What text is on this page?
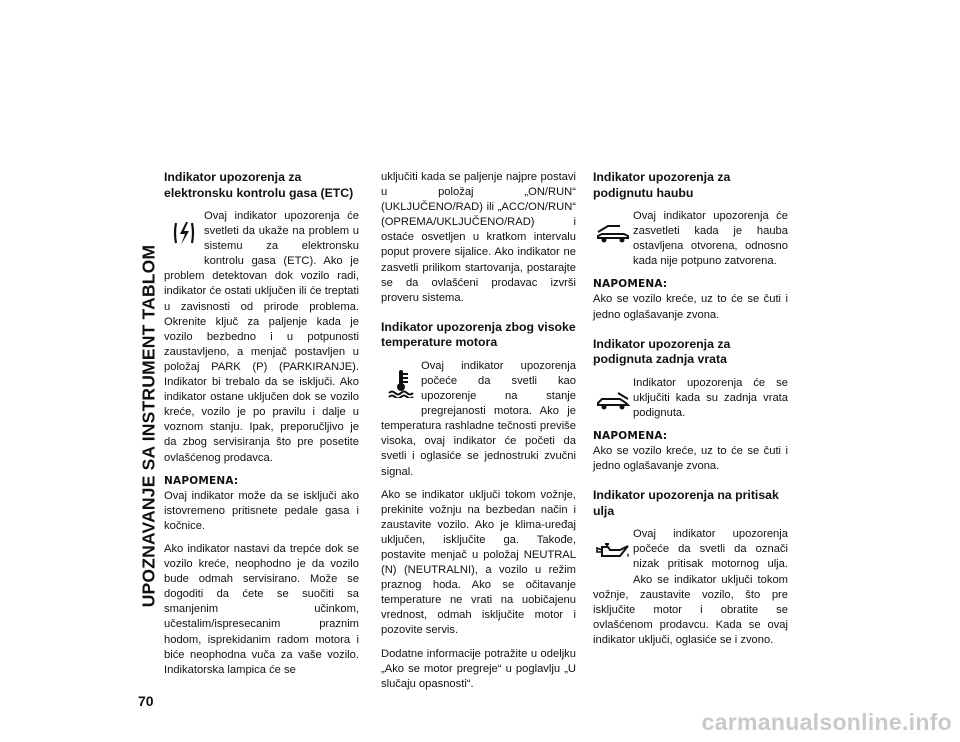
UPOZNAVANJE SA INSTRUMENT TABLOM
70
Indikator upozorenja za elektronsku kontrolu gasa (ETC)

Ovaj indikator upozorenja će svetleti da ukaže na problem u sistemu za elektronsku kontrolu gasa (ETC). Ako je problem detektovan dok vozilo radi, indikator će ostati uključen ili će treptati u zavisnosti od prirode problema. Okrenite ključ za paljenje kada je vozilo bezbedno i u potpunosti zaustavljeno, a menjač postavljen u položaj PARK (P) (PARKIRANJE). Indikator bi trebalo da se isključi. Ako indikator ostane uključen dok se vozilo kreće, vozilo je po pravilu i dalje u voznom stanju. Ipak, preporučljivo je da zbog servisiranja što pre posetite ovlašćenog prodavca.

NAPOMENA:
Ovaj indikator može da se isključi ako istovremeno pritisnete pedale gasa i kočnice.

Ako indikator nastavi da trepće dok se vozilo kreće, neophodno je da vozilo bude odmah servisirano. Može se dogoditi da ćete se suočiti sa smanjenim učinkom, učestalim/ispresecanim praznim hodom, isprekidanim radom motora i biće neophodna vuča za vaše vozilo. Indikatorska lampica će se

uključiti kada se paljenje najpre postavi u položaj „ON/RUN“ (UKLJUČENO/RAD) ili „ACC/ON/RUN“ (OPREMA/UKLJUČENO/RAD) i ostaće osvetljen u kratkom intervalu poput provere sijalice. Ako indikator ne zasvetli prilikom startovanja, postarajte se da ovlašćeni prodavac izvrši proveru sistema.

Indikator upozorenja zbog visoke temperature motora

Ovaj indikator upozorenja počeće da svetli kao upozorenje na stanje pregrejanosti motora. Ako je temperatura rashladne tečnosti previše visoka, ovaj indikator će početi da svetli i oglasiće se jednostruki zvučni signal.

Ako se indikator uključi tokom vožnje, prekinite vožnju na bezbedan način i zaustavite vozilo. Ako je klima-uređaj uključen, isključite ga. Takođe, postavite menjač u položaj NEUTRAL (N) (NEUTRALNI), a vozilo u režim praznog hoda. Ako se očitavanje temperature ne vrati na uobičajenu vrednost, odmah isključite motor i pozovite servis.

Dodatne informacije potražite u odeljku „Ako se motor pregreje“ u poglavlju „U slučaju opasnosti“.

Indikator upozorenja za podignutu haubu

Ovaj indikator upozorenja će zasvetleti kada je hauba ostavljena otvorena, odnosno kada nije potpuno zatvorena.

NAPOMENA:
Ako se vozilo kreće, uz to će se čuti i jedno oglašavanje zvona.

Indikator upozorenja za podignuta zadnja vrata

Indikator upozorenja će se uključiti kada su zadnja vrata podignuta.

NAPOMENA:
Ako se vozilo kreće, uz to će se čuti i jedno oglašavanje zvona.

Indikator upozorenja na pritisak ulja

Ovaj indikator upozorenja počeće da svetli da označi nizak pritisak motornog ulja. Ako se indikator uključi tokom vožnje, zaustavite vozilo, što pre isključite motor i obratite se ovlašćenom prodavcu. Kada se ovaj indikator uključi, oglasiće se i zvono.

carmanualsonline.info
